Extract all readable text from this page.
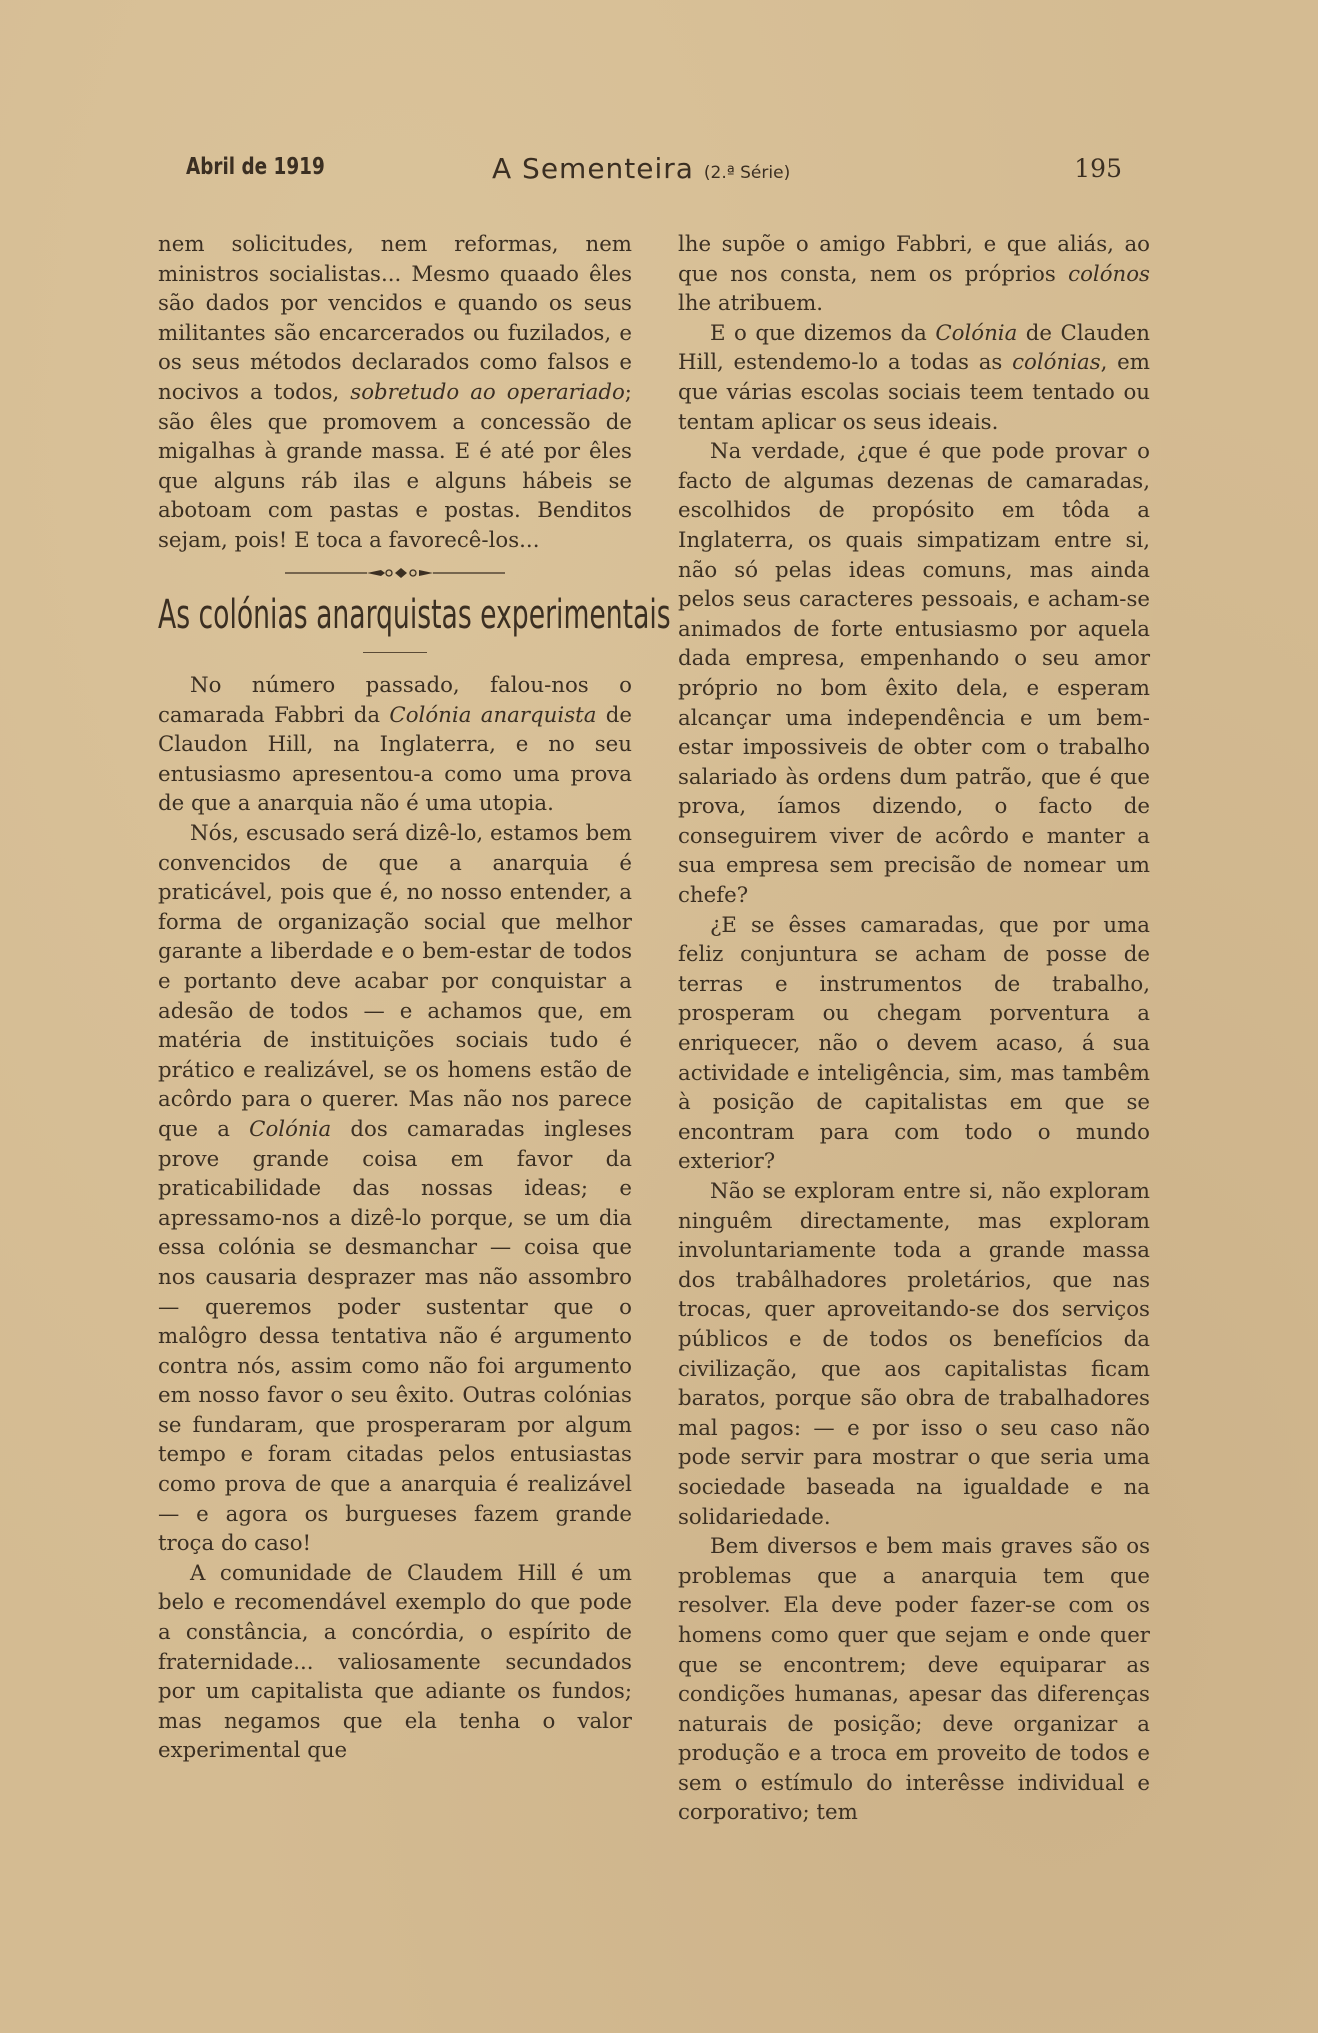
Abril de 1919	A Sementeira (2.ª Série)	195

nem solicitudes, nem reformas, nem ministros socialistas... Mesmo quaado êles são dados por vencidos e quando os seus militantes são encarcerados ou fuzilados, e os seus métodos declarados como falsos e nocivos a todos, sobretudo ao operariado; são êles que promovem a concessão de migalhas à grande massa. E é até por êles que alguns ráb ilas e alguns hábeis se abotoam com pastas e postas. Benditos sejam, pois! E toca a favorecê-los...

As colónias anarquistas experimentais

No número passado, falou-nos o camarada Fabbri da Colónia anarquista de Claudon Hill, na Inglaterra, e no seu entusiasmo apresentou-a como uma prova de que a anarquia não é uma utopia.

Nós, escusado será dizê-lo, estamos bem convencidos de que a anarquia é praticável, pois que é, no nosso entender, a forma de organização social que melhor garante a liberdade e o bem-estar de todos e portanto deve acabar por conquistar a adesão de todos — e achamos que, em matéria de instituições sociais tudo é prático e realizável, se os homens estão de acôrdo para o querer. Mas não nos parece que a Colónia dos camaradas ingleses prove grande coisa em favor da praticabilidade das nossas ideas; e apressamo-nos a dizê-lo porque, se um dia essa colónia se desmanchar — coisa que nos causaria desprazer mas não assombro — queremos poder sustentar que o malôgro dessa tentativa não é argumento contra nós, assim como não foi argumento em nosso favor o seu êxito. Outras colónias se fundaram, que prosperaram por algum tempo e foram citadas pelos entusiastas como prova de que a anarquia é realizável — e agora os burgueses fazem grande troça do caso!

A comunidade de Claudem Hill é um belo e recomendável exemplo do que pode a constância, a concórdia, o espírito de fraternidade... valiosamente secundados por um capitalista que adiante os fundos; mas negamos que ela tenha o valor experimental que

lhe supõe o amigo Fabbri, e que aliás, ao que nos consta, nem os próprios colónos lhe atribuem.

E o que dizemos da Colónia de Clauden Hill, estendemo-lo a todas as colónias, em que várias escolas sociais teem tentado ou tentam aplicar os seus ideais.

Na verdade, ¿que é que pode provar o facto de algumas dezenas de camaradas, escolhidos de propósito em tôda a Inglaterra, os quais simpatizam entre si, não só pelas ideas comuns, mas ainda pelos seus caracteres pessoais, e acham-se animados de forte entusiasmo por aquela dada empresa, empenhando o seu amor próprio no bom êxito dela, e esperam alcançar uma independência e um bem-estar impossiveis de obter com o trabalho salariado às ordens dum patrão, que é que prova, íamos dizendo, o facto de conseguirem viver de acôrdo e manter a sua empresa sem precisão de nomear um chefe?

¿E se êsses camaradas, que por uma feliz conjuntura se acham de posse de terras e instrumentos de trabalho, prosperam ou chegam porventura a enriquecer, não o devem acaso, á sua actividade e inteligência, sim, mas tambêm à posição de capitalistas em que se encontram para com todo o mundo exterior?

Não se exploram entre si, não exploram ninguêm directamente, mas exploram involuntariamente toda a grande massa dos trabâlhadores proletários, que nas trocas, quer aproveitando-se dos serviços públicos e de todos os benefícios da civilização, que aos capitalistas ficam baratos, porque são obra de trabalhadores mal pagos: — e por isso o seu caso não pode servir para mostrar o que seria uma sociedade baseada na igualdade e na solidariedade.

Bem diversos e bem mais graves são os problemas que a anarquia tem que resolver. Ela deve poder fazer-se com os homens como quer que sejam e onde quer que se encontrem; deve equiparar as condições humanas, apesar das diferenças naturais de posição; deve organizar a produção e a troca em proveito de todos e sem o estímulo do interêsse individual e corporativo; tem
